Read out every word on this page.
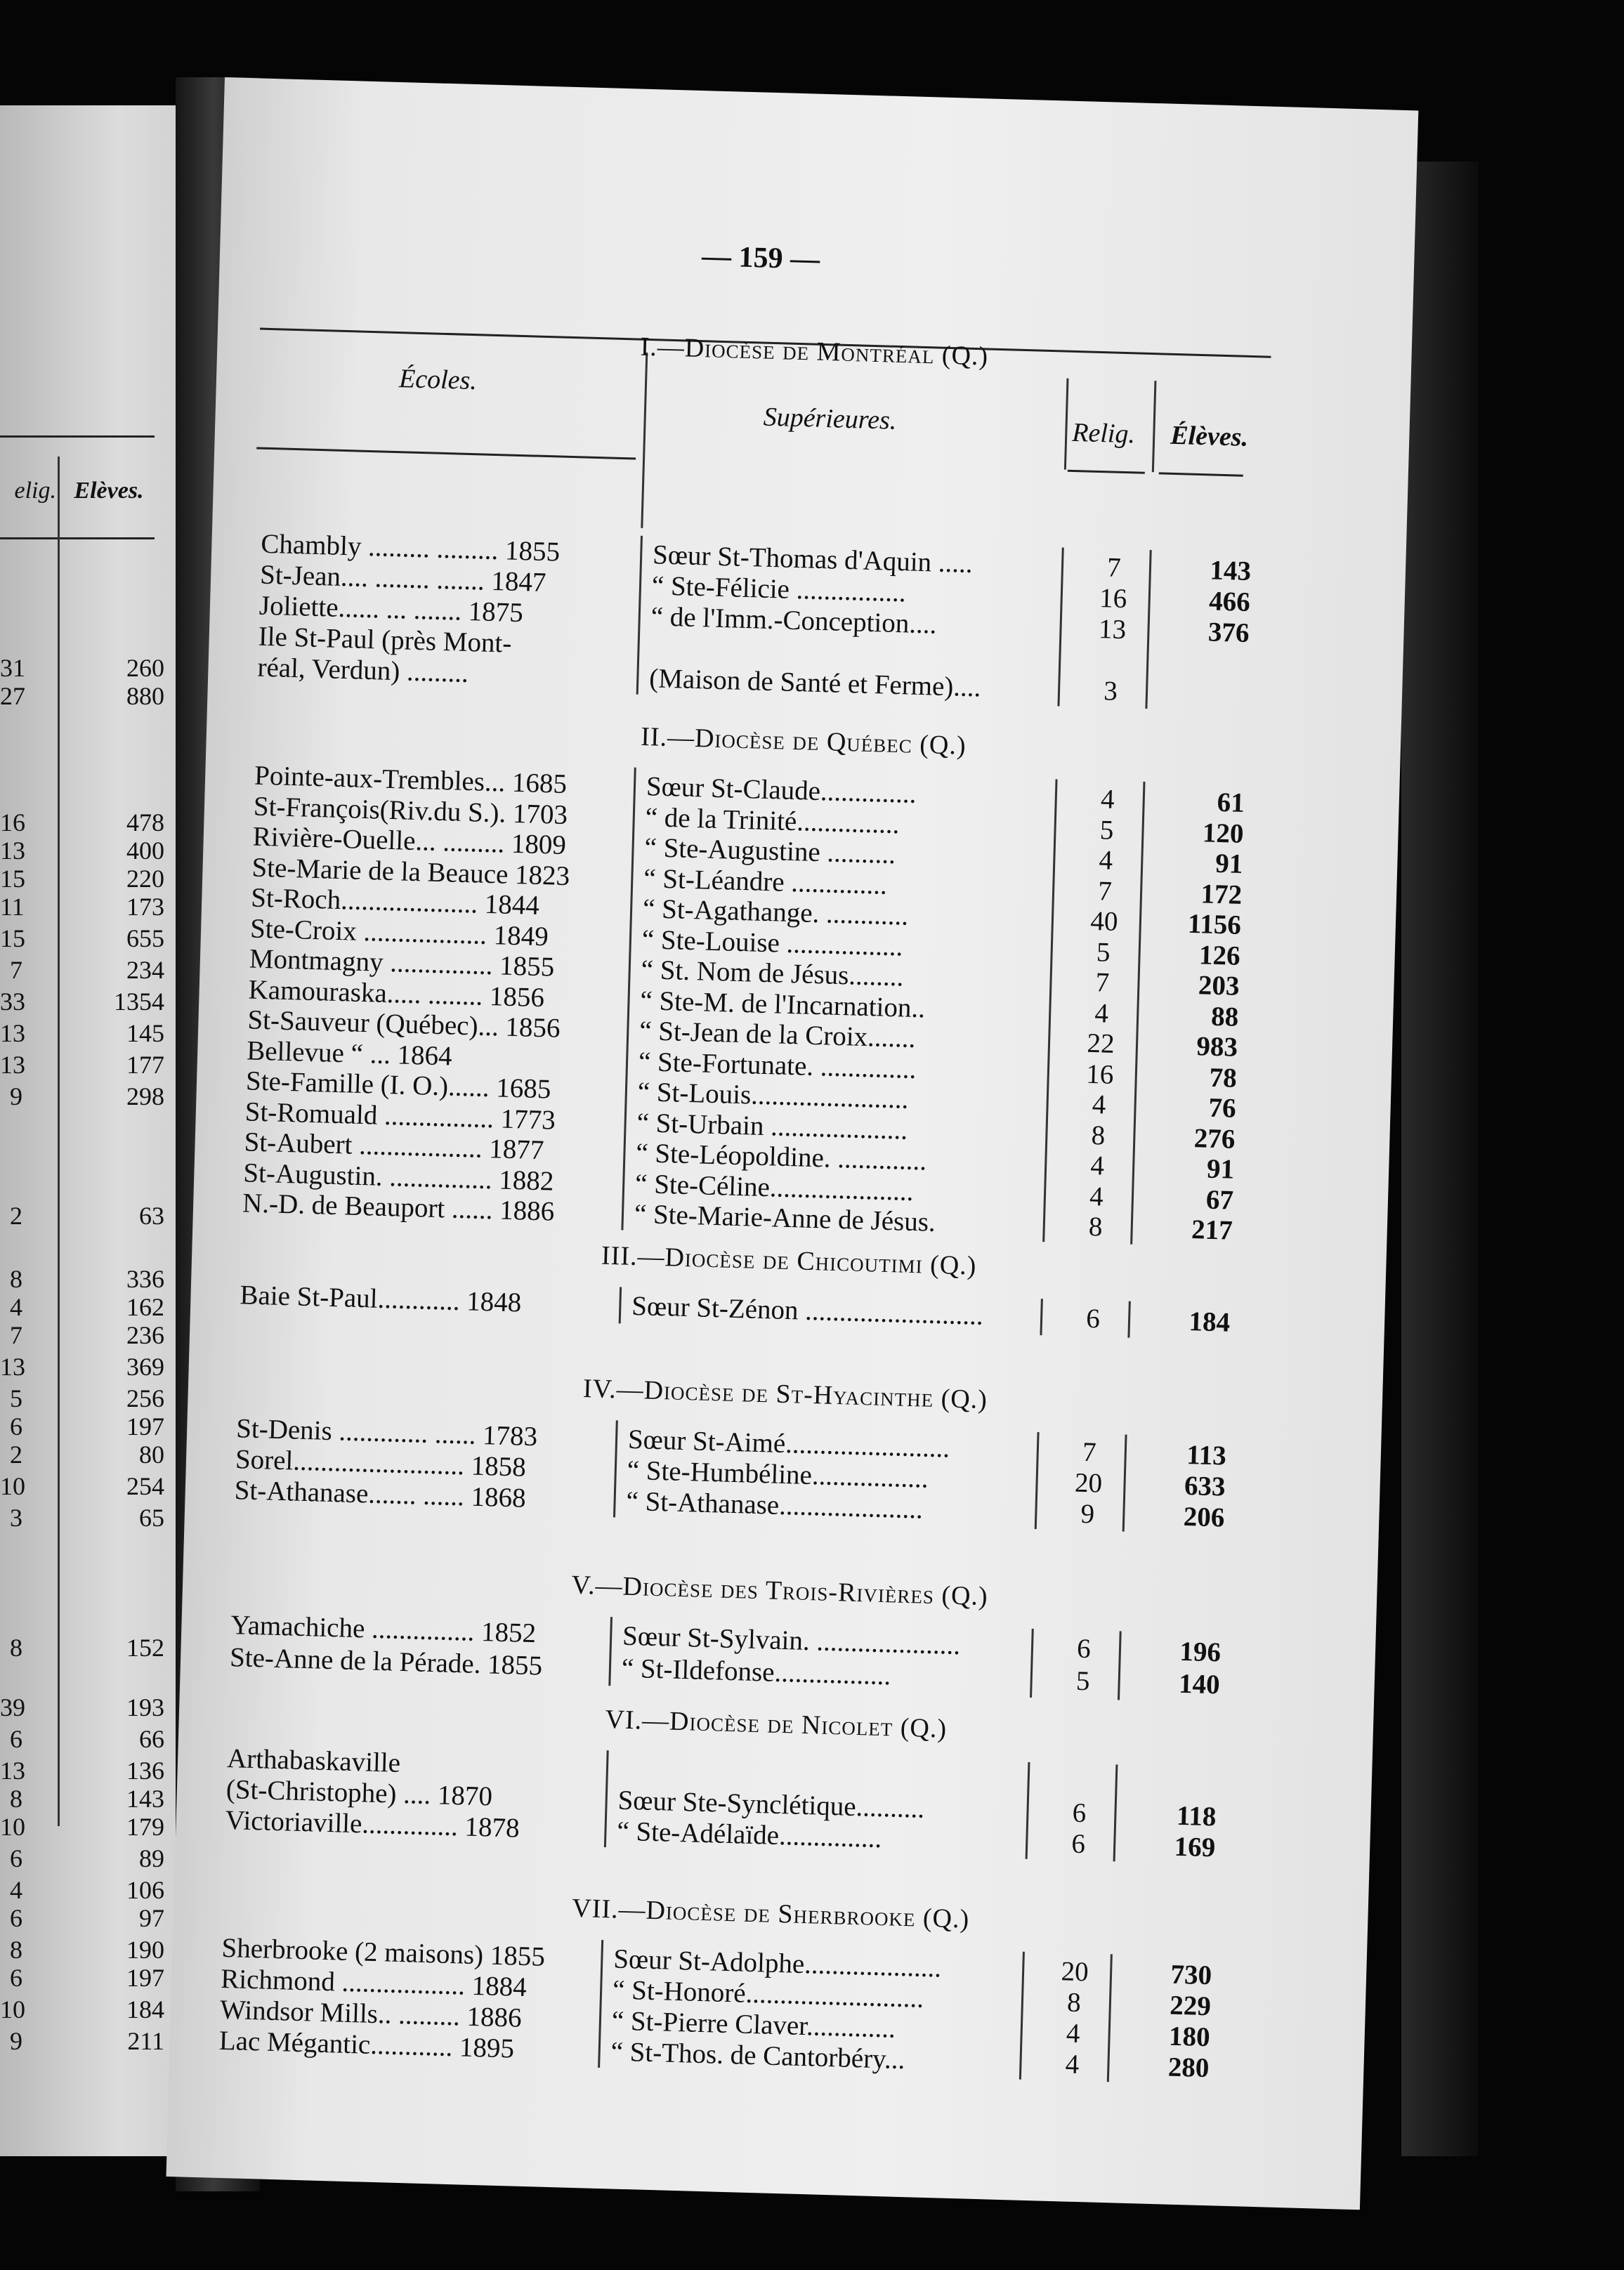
elig. Elèves.
31	260
27	880
16	478
13	400
15	220
11	173
15	655
7	234
33	1354
13	145
13	177
9	298
2	63
8	336
4	162
7	236
13	369
5	256
6	197
2	80
10	254
3	65
8	152
39	193
6	66
13	136
8	143
10	179
6	89
4	106
6	97
8	190
6	197
10	184
9	211
— 159 —
Écoles.
Supérieures.	Relig. Élèves.
I.—Diocèse de Montréal (Q.)
Chambly ......... ......... 1855	Sœur St-Thomas d'Aquin .....	7	143
St-Jean.... ........ ....... 1847	“ Ste-Félicie ................	16	466
Joliette...... ... ....... 1875	“ de l'Imm.-Conception....	13	376
Ile St-Paul (près Mont-
réal, Verdun) .........	(Maison de Santé et Ferme)....	3
II.—Diocèse de Québec (Q.)
Pointe-aux-Trembles... 1685	Sœur St-Claude..............	4	61
St-François(Riv.du S.). 1703	“ de la Trinité...............	5	120
Rivière-Ouelle... ......... 1809	“ Ste-Augustine ..........	4	91
Ste-Marie de la Beauce 1823	“ St-Léandre ..............	7	172
St-Roch.................... 1844	“ St-Agathange. ............	40	1156
Ste-Croix .................. 1849	“ Ste-Louise .................	5	126
Montmagny ............... 1855	“ St. Nom de Jésus........	7	203
Kamouraska..... ........ 1856	“ Ste-M. de l'Incarnation..	4	88
St-Sauveur (Québec)... 1856	“ St-Jean de la Croix.......	22	983
Bellevue “ ... 1864	“ Ste-Fortunate. ..............	16	78
Ste-Famille (I. O.)...... 1685	“ St-Louis.......................	4	76
St-Romuald ................ 1773	“ St-Urbain ....................	8	276
St-Aubert .................. 1877	“ Ste-Léopoldine. .............	4	91
St-Augustin. ............... 1882	“ Ste-Céline.....................	4	67
N.-D. de Beauport ...... 1886	“ Ste-Marie-Anne de Jésus.	8	217
III.—Diocèse de Chicoutimi (Q.)
Baie St-Paul............ 1848	Sœur St-Zénon ..........................	6	184
IV.—Diocèse de St-Hyacinthe (Q.)
St-Denis ............. ...... 1783	Sœur St-Aimé........................	7	113
Sorel......................... 1858	“ Ste-Humbéline.................	20	633
St-Athanase....... ...... 1868	“ St-Athanase.....................	9	206
V.—Diocèse des Trois-Rivières (Q.)
Yamachiche ............... 1852	Sœur St-Sylvain. .....................	6	196
Ste-Anne de la Pérade. 1855	“ St-Ildefonse.................	5	140
VI.—Diocèse de Nicolet (Q.)
Arthabaskaville
(St-Christophe) .... 1870	Sœur Ste-Synclétique..........	6	118
Victoriaville.............. 1878	“ Ste-Adélaïde...............	6	169
VII.—Diocèse de Sherbrooke (Q.)
Sherbrooke (2 maisons) 1855	Sœur St-Adolphe....................	20	730
Richmond .................. 1884	“ St-Honoré..........................	8	229
Windsor Mills.. ......... 1886	“ St-Pierre Claver.............	4	180
Lac Mégantic............ 1895	“ St-Thos. de Cantorbéry...	4	280
